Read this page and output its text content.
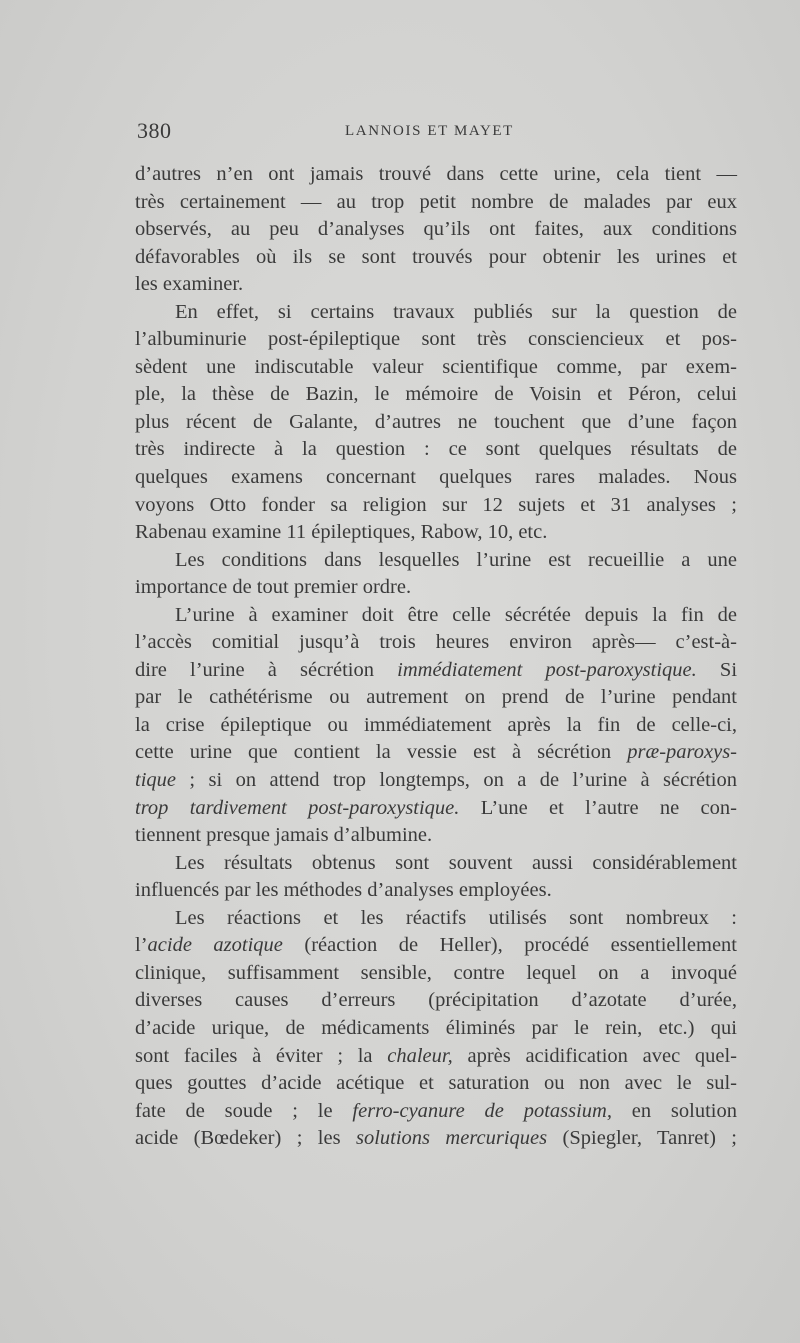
380	LANNOIS ET MAYET
d’autres n’en ont jamais trouvé dans cette urine, cela tient —
très certainement — au trop petit nombre de malades par eux
observés, au peu d’analyses qu’ils ont faites, aux conditions
défavorables où ils se sont trouvés pour obtenir les urines et
les examiner.
En effet, si certains travaux publiés sur la question de
l’albuminurie post-épileptique sont très consciencieux et pos-
sèdent une indiscutable valeur scientifique comme, par exem-
ple, la thèse de Bazin, le mémoire de Voisin et Péron, celui
plus récent de Galante, d’autres ne touchent que d’une façon
très indirecte à la question : ce sont quelques résultats de
quelques examens concernant quelques rares malades. Nous
voyons Otto fonder sa religion sur 12 sujets et 31 analyses ;
Rabenau examine 11 épileptiques, Rabow, 10, etc.
Les conditions dans lesquelles l’urine est recueillie a une
importance de tout premier ordre.
L’urine à examiner doit être celle sécrétée depuis la fin de
l’accès comitial jusqu’à trois heures environ après— c’est-à-
dire l’urine à sécrétion immédiatement post-paroxystique. Si
par le cathétérisme ou autrement on prend de l’urine pendant
la crise épileptique ou immédiatement après la fin de celle-ci,
cette urine que contient la vessie est à sécrétion præ-paroxys-
tique ; si on attend trop longtemps, on a de l’urine à sécrétion
trop tardivement post-paroxystique. L’une et l’autre ne con-
tiennent presque jamais d’albumine.
Les résultats obtenus sont souvent aussi considérablement
influencés par les méthodes d’analyses employées.
Les réactions et les réactifs utilisés sont nombreux :
l’acide azotique (réaction de Heller), procédé essentiellement
clinique, suffisamment sensible, contre lequel on a invoqué
diverses causes d’erreurs (précipitation d’azotate d’urée,
d’acide urique, de médicaments éliminés par le rein, etc.) qui
sont faciles à éviter ; la chaleur, après acidification avec quel-
ques gouttes d’acide acétique et saturation ou non avec le sul-
fate de soude ; le ferro-cyanure de potassium, en solution
acide (Bœdeker) ; les solutions mercuriques (Spiegler, Tanret) ;
